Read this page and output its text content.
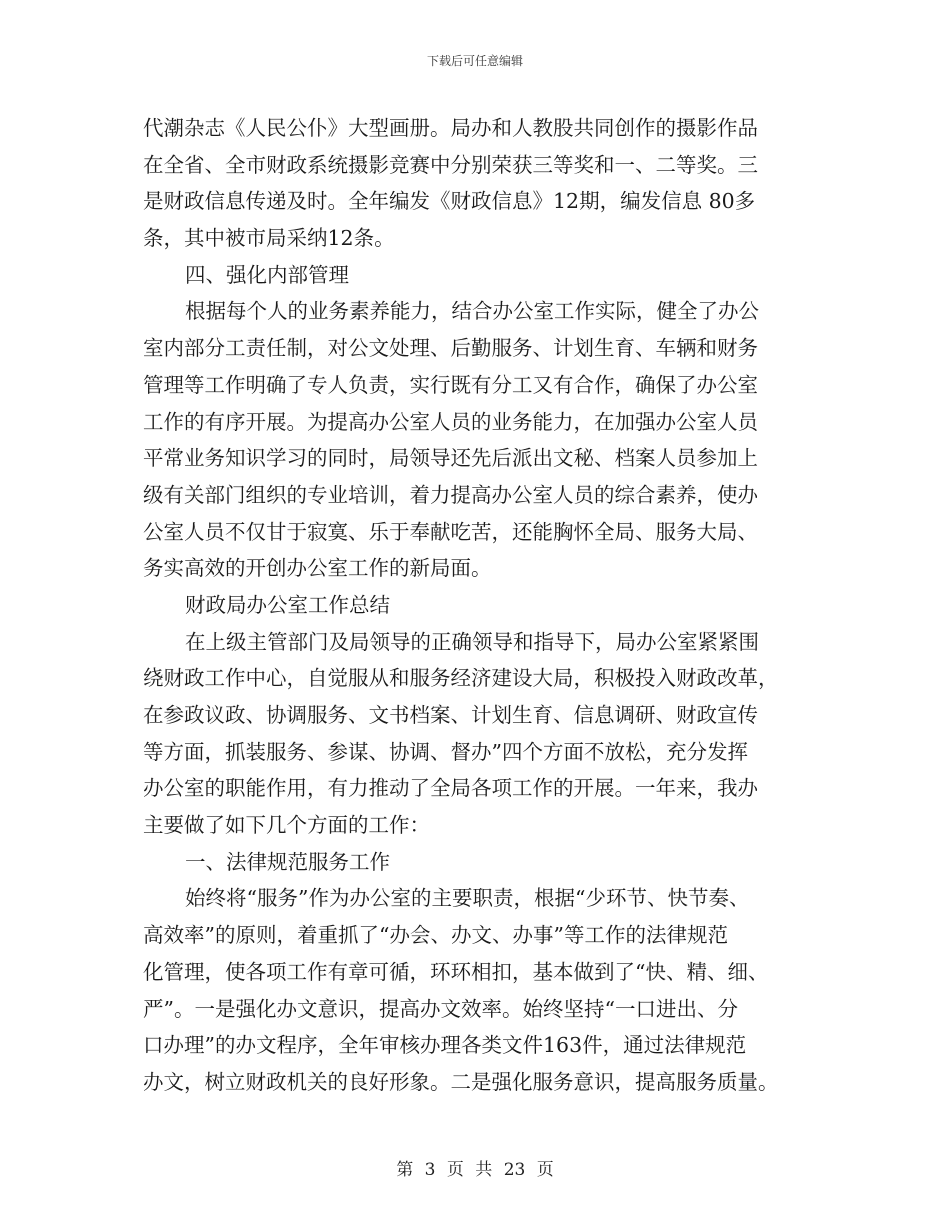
下载后可任意编辑
代潮杂志《人民公仆》大型画册。局办和人教股共同创作的摄影作品
在全省、全市财政系统摄影竞赛中分别荣获三等奖和一、二等奖。三
是财政信息传递及时。全年编发《财政信息》12期，编发信息 80多
条，其中被市局采纳12条。
四、强化内部管理
根据每个人的业务素养能力，结合办公室工作实际，健全了办公
室内部分工责任制，对公文处理、后勤服务、计划生育、车辆和财务
管理等工作明确了专人负责，实行既有分工又有合作，确保了办公室
工作的有序开展。为提高办公室人员的业务能力，在加强办公室人员
平常业务知识学习的同时，局领导还先后派出文秘、档案人员参加上
级有关部门组织的专业培训，着力提高办公室人员的综合素养，使办
公室人员不仅甘于寂寞、乐于奉献吃苦，还能胸怀全局、服务大局、
务实高效的开创办公室工作的新局面。
财政局办公室工作总结
在上级主管部门及局领导的正确领导和指导下，局办公室紧紧围
绕财政工作中心，自觉服从和服务经济建设大局，积极投入财政改革，
在参政议政、协调服务、文书档案、计划生育、信息调研、财政宣传
等方面，抓装服务、参谋、协调、督办”四个方面不放松，充分发挥
办公室的职能作用，有力推动了全局各项工作的开展。一年来，我办
主要做了如下几个方面的工作：
一、法律规范服务工作
始终将“服务”作为办公室的主要职责，根据“少环节、快节奏、
高效率”的原则，着重抓了“办会、办文、办事”等工作的法律规范
化管理，使各项工作有章可循，环环相扣，基本做到了“快、精、细、
严”。一是强化办文意识，提高办文效率。始终坚持“一口进出、分
口办理”的办文程序，全年审核办理各类文件163件，通过法律规范
办文，树立财政机关的良好形象。二是强化服务意识，提高服务质量。
第 3 页 共 23 页
